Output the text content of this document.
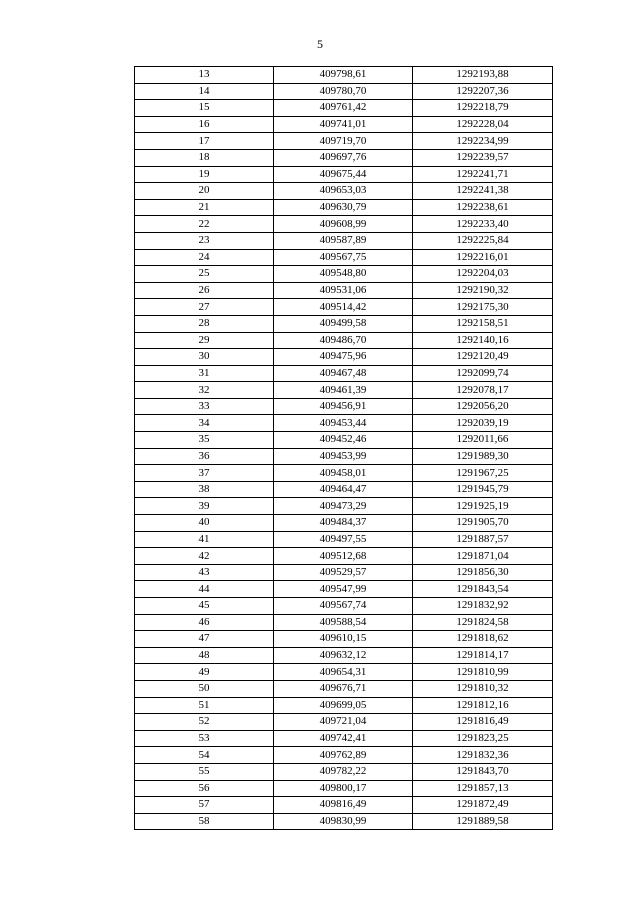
5
13	409798,61	1292193,88
14	409780,70	1292207,36
15	409761,42	1292218,79
16	409741,01	1292228,04
17	409719,70	1292234,99
18	409697,76	1292239,57
19	409675,44	1292241,71
20	409653,03	1292241,38
21	409630,79	1292238,61
22	409608,99	1292233,40
23	409587,89	1292225,84
24	409567,75	1292216,01
25	409548,80	1292204,03
26	409531,06	1292190,32
27	409514,42	1292175,30
28	409499,58	1292158,51
29	409486,70	1292140,16
30	409475,96	1292120,49
31	409467,48	1292099,74
32	409461,39	1292078,17
33	409456,91	1292056,20
34	409453,44	1292039,19
35	409452,46	1292011,66
36	409453,99	1291989,30
37	409458,01	1291967,25
38	409464,47	1291945,79
39	409473,29	1291925,19
40	409484,37	1291905,70
41	409497,55	1291887,57
42	409512,68	1291871,04
43	409529,57	1291856,30
44	409547,99	1291843,54
45	409567,74	1291832,92
46	409588,54	1291824,58
47	409610,15	1291818,62
48	409632,12	1291814,17
49	409654,31	1291810,99
50	409676,71	1291810,32
51	409699,05	1291812,16
52	409721,04	1291816,49
53	409742,41	1291823,25
54	409762,89	1291832,36
55	409782,22	1291843,70
56	409800,17	1291857,13
57	409816,49	1291872,49
58	409830,99	1291889,58
